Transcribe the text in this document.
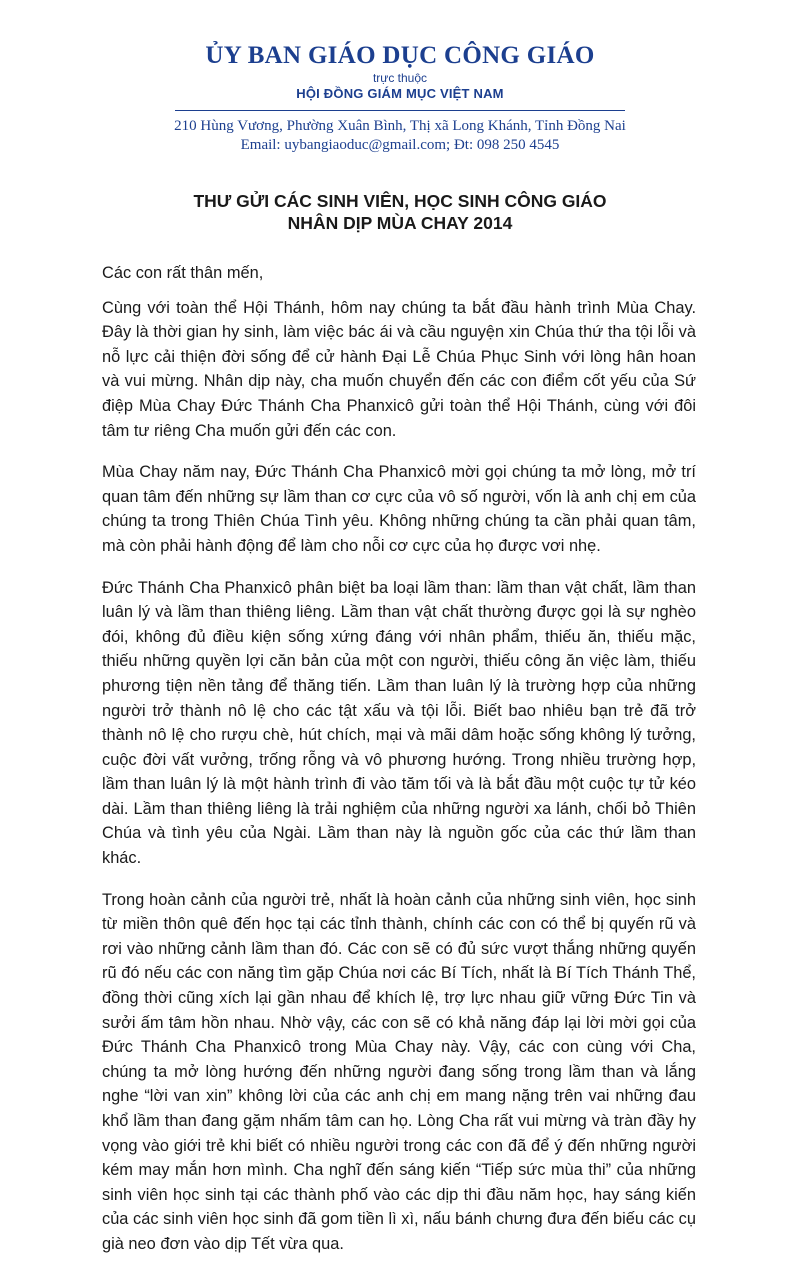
ỦY BAN GIÁO DỤC CÔNG GIÁO
trực thuộc
HỘI ĐỒNG GIÁM MỤC VIỆT NAM
210 Hùng Vương, Phường Xuân Bình, Thị xã Long Khánh, Tỉnh Đồng Nai
Email: uybangiaoduc@gmail.com; Đt: 098 250 4545
THƯ GỬI CÁC SINH VIÊN, HỌC SINH CÔNG GIÁO
NHÂN DỊP MÙA CHAY 2014

Các con rất thân mến,

Cùng với toàn thể Hội Thánh, hôm nay chúng ta bắt đầu hành trình Mùa Chay. Đây là thời gian hy sinh, làm việc bác ái và cầu nguyện xin Chúa thứ tha tội lỗi và nỗ lực cải thiện đời sống để cử hành Đại Lễ Chúa Phục Sinh với lòng hân hoan và vui mừng. Nhân dịp này, cha muốn chuyển đến các con điểm cốt yếu của Sứ điệp Mùa Chay Đức Thánh Cha Phanxicô gửi toàn thể Hội Thánh, cùng với đôi tâm tư riêng Cha muốn gửi đến các con.

Mùa Chay năm nay, Đức Thánh Cha Phanxicô mời gọi chúng ta mở lòng, mở trí quan tâm đến những sự lầm than cơ cực của vô số người, vốn là anh chị em của chúng ta trong Thiên Chúa Tình yêu. Không những chúng ta cần phải quan tâm, mà còn phải hành động để làm cho nỗi cơ cực của họ được vơi nhẹ.

Đức Thánh Cha Phanxicô phân biệt ba loại lầm than: lầm than vật chất, lầm than luân lý và lầm than thiêng liêng. Lầm than vật chất thường được gọi là sự nghèo đói, không đủ điều kiện sống xứng đáng với nhân phẩm, thiếu ăn, thiếu mặc, thiếu những quyền lợi căn bản của một con người, thiếu công ăn việc làm, thiếu phương tiện nền tảng để thăng tiến. Lầm than luân lý là trường hợp của những người trở thành nô lệ cho các tật xấu và tội lỗi. Biết bao nhiêu bạn trẻ đã trở thành nô lệ cho rượu chè, hút chích, mại và mãi dâm hoặc sống không lý tưởng, cuộc đời vất vưởng, trống rỗng và vô phương hướng. Trong nhiều trường hợp, lầm than luân lý là một hành trình đi vào tăm tối và là bắt đầu một cuộc tự tử kéo dài. Lầm than thiêng liêng là trải nghiệm của những người xa lánh, chối bỏ Thiên Chúa và tình yêu của Ngài. Lầm than này là nguồn gốc của các thứ lầm than khác.

Trong hoàn cảnh của người trẻ, nhất là hoàn cảnh của những sinh viên, học sinh từ miền thôn quê đến học tại các tỉnh thành, chính các con có thể bị quyến rũ và rơi vào những cảnh lầm than đó. Các con sẽ có đủ sức vượt thắng những quyến rũ đó nếu các con năng tìm gặp Chúa nơi các Bí Tích, nhất là Bí Tích Thánh Thể, đồng thời cũng xích lại gần nhau để khích lệ, trợ lực nhau giữ vững Đức Tin và sưởi ấm tâm hồn nhau. Nhờ vậy, các con sẽ có khả năng đáp lại lời mời gọi của Đức Thánh Cha Phanxicô trong Mùa Chay này. Vậy, các con cùng với Cha, chúng ta mở lòng hướng đến những người đang sống trong lầm than và lắng nghe “lời van xin” không lời của các anh chị em mang nặng trên vai những đau khổ lầm than đang gặm nhấm tâm can họ. Lòng Cha rất vui mừng và tràn đầy hy vọng vào giới trẻ khi biết có nhiều người trong các con đã để ý đến những người kém may mắn hơn mình. Cha nghĩ đến sáng kiến “Tiếp sức mùa thi” của những sinh viên học sinh tại các thành phố vào các dịp thi đầu năm học, hay sáng kiến của các sinh viên học sinh đã gom tiền lì xì, nấu bánh chưng đưa đến biếu các cụ già neo đơn vào dịp Tết vừa qua.
